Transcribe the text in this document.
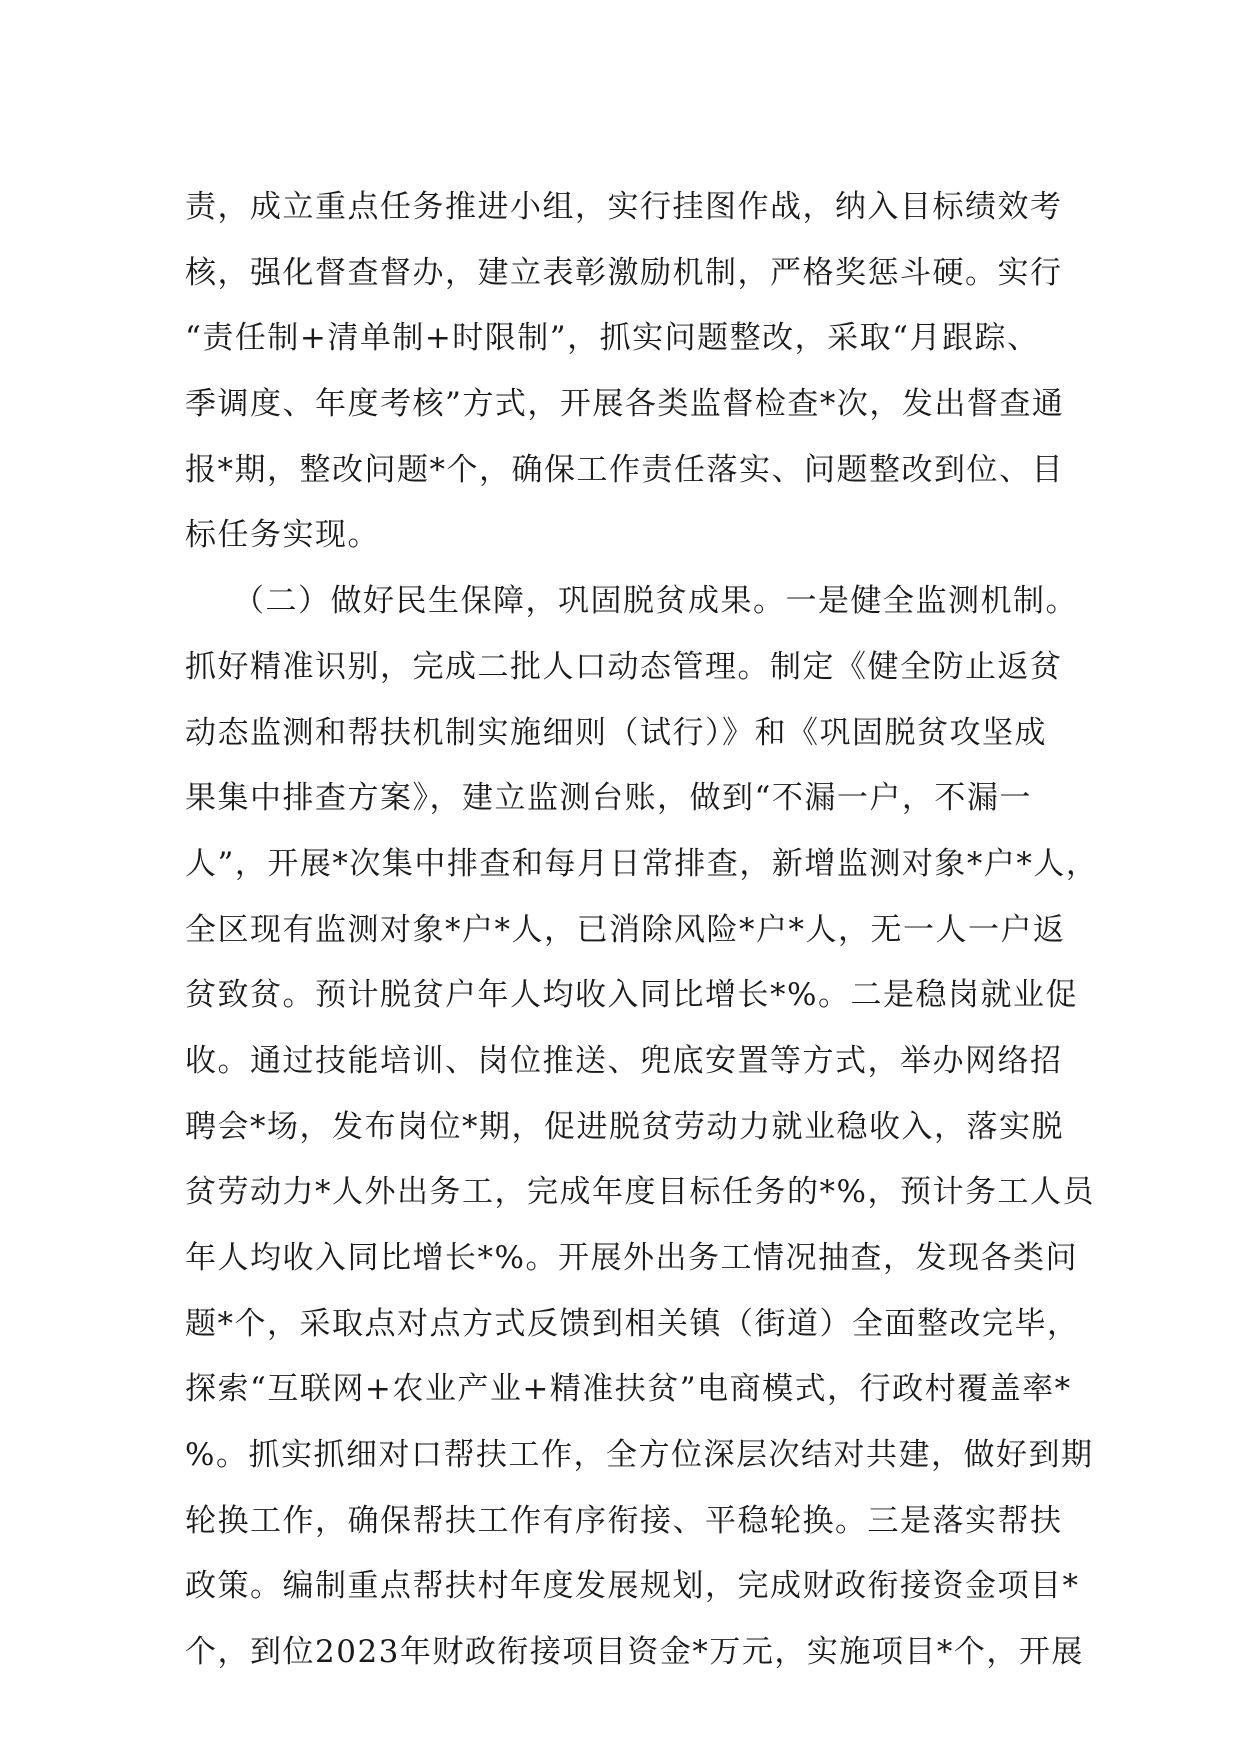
责，成立重点任务推进小组，实行挂图作战，纳入目标绩效考
核，强化督查督办，建立表彰激励机制，严格奖惩斗硬。实行
“责任制+清单制+时限制”，抓实问题整改，采取“月跟踪、
季调度、年度考核”方式，开展各类监督检查*次，发出督查通
报*期，整改问题*个，确保工作责任落实、问题整改到位、目
标任务实现。
（二）做好民生保障，巩固脱贫成果。一是健全监测机制。
抓好精准识别，完成二批人口动态管理。制定《健全防止返贫
动态监测和帮扶机制实施细则（试行）》和《巩固脱贫攻坚成
果集中排查方案》，建立监测台账，做到“不漏一户，不漏一
人”，开展*次集中排查和每月日常排查，新增监测对象*户*人，
全区现有监测对象*户*人，已消除风险*户*人，无一人一户返
贫致贫。预计脱贫户年人均收入同比增长*%。二是稳岗就业促
收。通过技能培训、岗位推送、兜底安置等方式，举办网络招
聘会*场，发布岗位*期，促进脱贫劳动力就业稳收入，落实脱
贫劳动力*人外出务工，完成年度目标任务的*%，预计务工人员
年人均收入同比增长*%。开展外出务工情况抽查，发现各类问
题*个，采取点对点方式反馈到相关镇（街道）全面整改完毕，
探索“互联网+农业产业+精准扶贫”电商模式，行政村覆盖率*
%。抓实抓细对口帮扶工作，全方位深层次结对共建，做好到期
轮换工作，确保帮扶工作有序衔接、平稳轮换。三是落实帮扶
政策。编制重点帮扶村年度发展规划，完成财政衔接资金项目*
个，到位2023年财政衔接项目资金*万元，实施项目*个，开展
